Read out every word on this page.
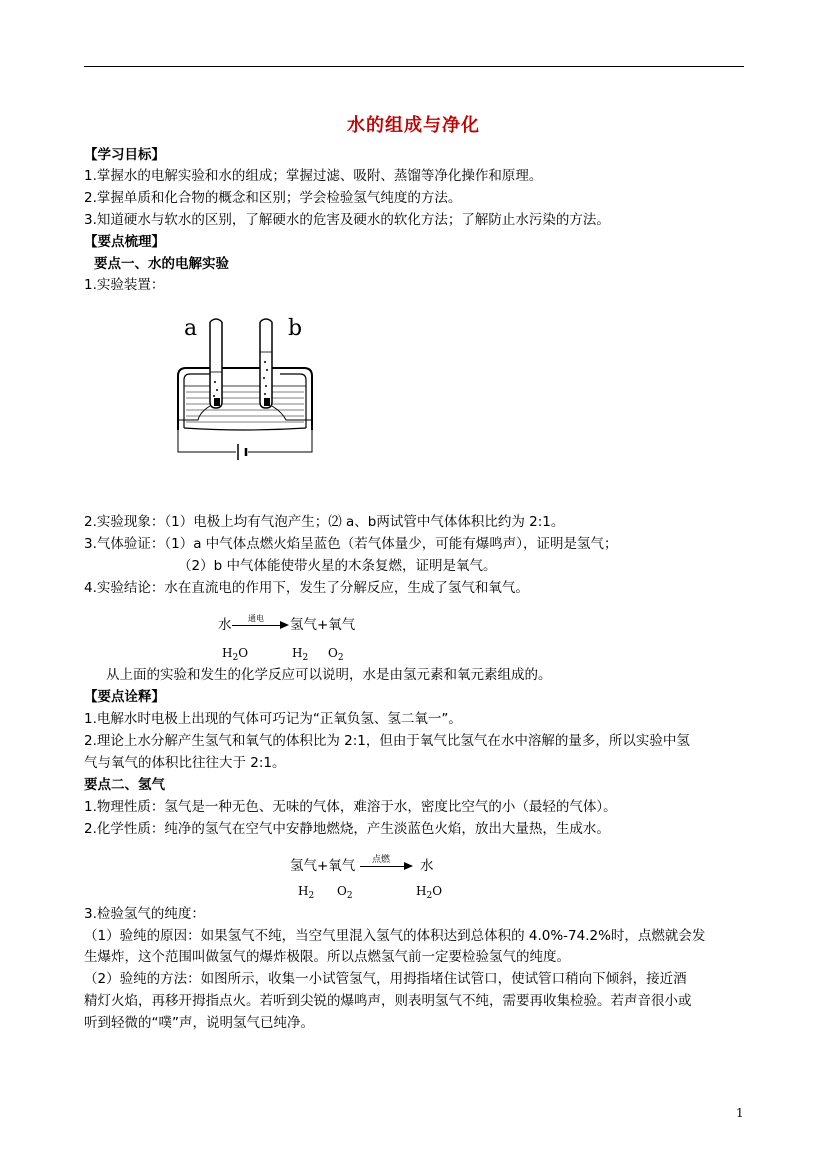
水的组成与净化
【学习目标】
1.掌握水的电解实验和水的组成；掌握过滤、吸附、蒸馏等净化操作和原理。
2.掌握单质和化合物的概念和区别；学会检验氢气纯度的方法。
3.知道硬水与软水的区别，了解硬水的危害及硬水的软化方法；了解防止水污染的方法。
【要点梳理】
要点一、水的电解实验
1.实验装置：
a	b
2.实验现象：（1）电极上均有气泡产生；⑵ a、b两试管中气体体积比约为 2:1。
3.气体验证：（1）a 中气体点燃火焰呈蓝色（若气体量少，可能有爆鸣声），证明是氢气；
（2）b 中气体能使带火星的木条复燃，证明是氧气。
4.实验结论：水在直流电的作用下，发生了分解反应，生成了氢气和氧气。
水 通电 氢气+氧气
$H_2O$	$H_2$ $O_2$
从上面的实验和发生的化学反应可以说明，水是由氢元素和氧元素组成的。
【要点诠释】
1.电解水时电极上出现的气体可巧记为“正氧负氢、氢二氧一”。
2.理论上水分解产生氢气和氧气的体积比为 2:1，但由于氧气比氢气在水中溶解的量多，所以实验中氢
气与氧气的体积比往往大于 2:1。
要点二、氢气
1.物理性质：氢气是一种无色、无味的气体，难溶于水，密度比空气的小（最轻的气体）。
2.化学性质：纯净的氢气在空气中安静地燃烧，产生淡蓝色火焰，放出大量热，生成水。
氢气+氧气 点燃 水
$H_2$ $O_2$	$H_2O$
3.检验氢气的纯度：
（1）验纯的原因：如果氢气不纯，当空气里混入氢气的体积达到总体积的 4.0%-74.2%时，点燃就会发
生爆炸，这个范围叫做氢气的爆炸极限。所以点燃氢气前一定要检验氢气的纯度。
（2）验纯的方法：如图所示，收集一小试管氢气，用拇指堵住试管口，使试管口稍向下倾斜，接近酒
精灯火焰，再移开拇指点火。若听到尖锐的爆鸣声，则表明氢气不纯，需要再收集检验。若声音很小或
听到轻微的“噗”声，说明氢气已纯净。
1
